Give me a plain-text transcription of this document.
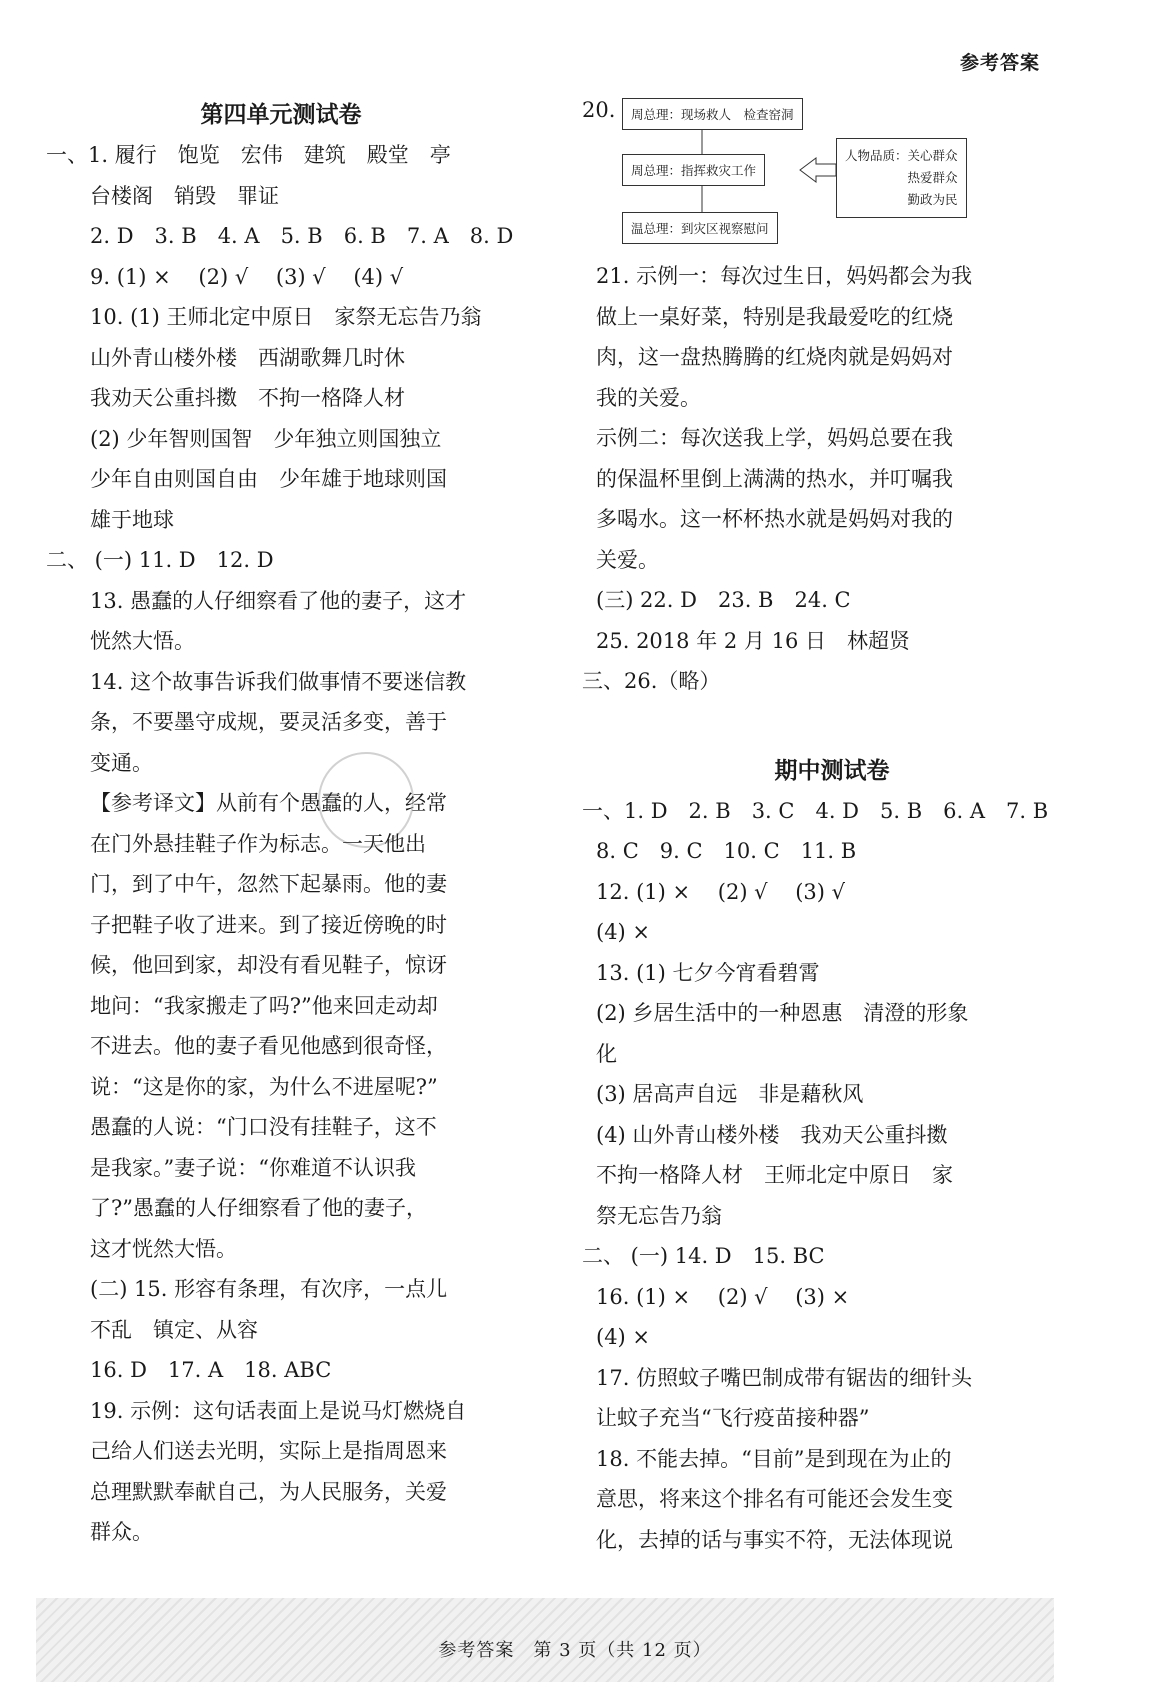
参考答案
第四单元测试卷
一、1. 履行　饱览　宏伟　建筑　殿堂　亭
台楼阁　销毁　罪证
2. D　3. B　4. A　5. B　6. B　7. A　8. D
9. (1) ×　 (2) √　 (3) √　 (4) √
10. (1) 王师北定中原日　家祭无忘告乃翁
山外青山楼外楼　西湖歌舞几时休
我劝天公重抖擞　不拘一格降人材
(2) 少年智则国智　少年独立则国独立
少年自由则国自由　少年雄于地球则国
雄于地球
二、 (一) 11. D　12. D
13. 愚蠢的人仔细察看了他的妻子，这才
恍然大悟。
14. 这个故事告诉我们做事情不要迷信教
条，不要墨守成规，要灵活多变，善于
变通。
【参考译文】从前有个愚蠢的人，经常
在门外悬挂鞋子作为标志。一天他出
门，到了中午，忽然下起暴雨。他的妻
子把鞋子收了进来。到了接近傍晚的时
候，他回到家，却没有看见鞋子，惊讶
地问：“我家搬走了吗?”他来回走动却
不进去。他的妻子看见他感到很奇怪，
说：“这是你的家，为什么不进屋呢?”
愚蠢的人说：“门口没有挂鞋子，这不
是我家。”妻子说：“你难道不认识我
了?”愚蠢的人仔细察看了他的妻子，
这才恍然大悟。
(二) 15. 形容有条理，有次序，一点儿
不乱　镇定、从容
16. D　17. A　18. ABC
19. 示例：这句话表面上是说马灯燃烧自
己给人们送去光明，实际上是指周恩来
总理默默奉献自己，为人民服务，关爱
群众。
20.	周总理：现场救人　检查窑洞
周总理：指挥救灾工作
温总理：到灾区视察慰问
人物品质：关心群众
热爱群众
勤政为民
21. 示例一：每次过生日，妈妈都会为我
做上一桌好菜，特别是我最爱吃的红烧
肉，这一盘热腾腾的红烧肉就是妈妈对
我的关爱。
示例二：每次送我上学，妈妈总要在我
的保温杯里倒上满满的热水，并叮嘱我
多喝水。这一杯杯热水就是妈妈对我的
关爱。
(三) 22. D　23. B　24. C
25. 2018 年 2 月 16 日　林超贤
三、26.（略）
期中测试卷
一、1. D　2. B　3. C　4. D　5. B　6. A　7. B
8. C　9. C　10. C　11. B
12. (1) ×　 (2) √　 (3) √
(4) ×
13. (1) 七夕今宵看碧霄
(2) 乡居生活中的一种恩惠　清澄的形象
化
(3) 居高声自远　非是藉秋风
(4) 山外青山楼外楼　我劝天公重抖擞
不拘一格降人材　王师北定中原日　家
祭无忘告乃翁
二、 (一) 14. D　15. BC
16. (1) ×　 (2) √　 (3) ×
(4) ×
17. 仿照蚊子嘴巴制成带有锯齿的细针头
让蚊子充当“飞行疫苗接种器”
18. 不能去掉。“目前”是到现在为止的
意思，将来这个排名有可能还会发生变
化，去掉的话与事实不符，无法体现说
参考答案　第 3 页（共 12 页）
